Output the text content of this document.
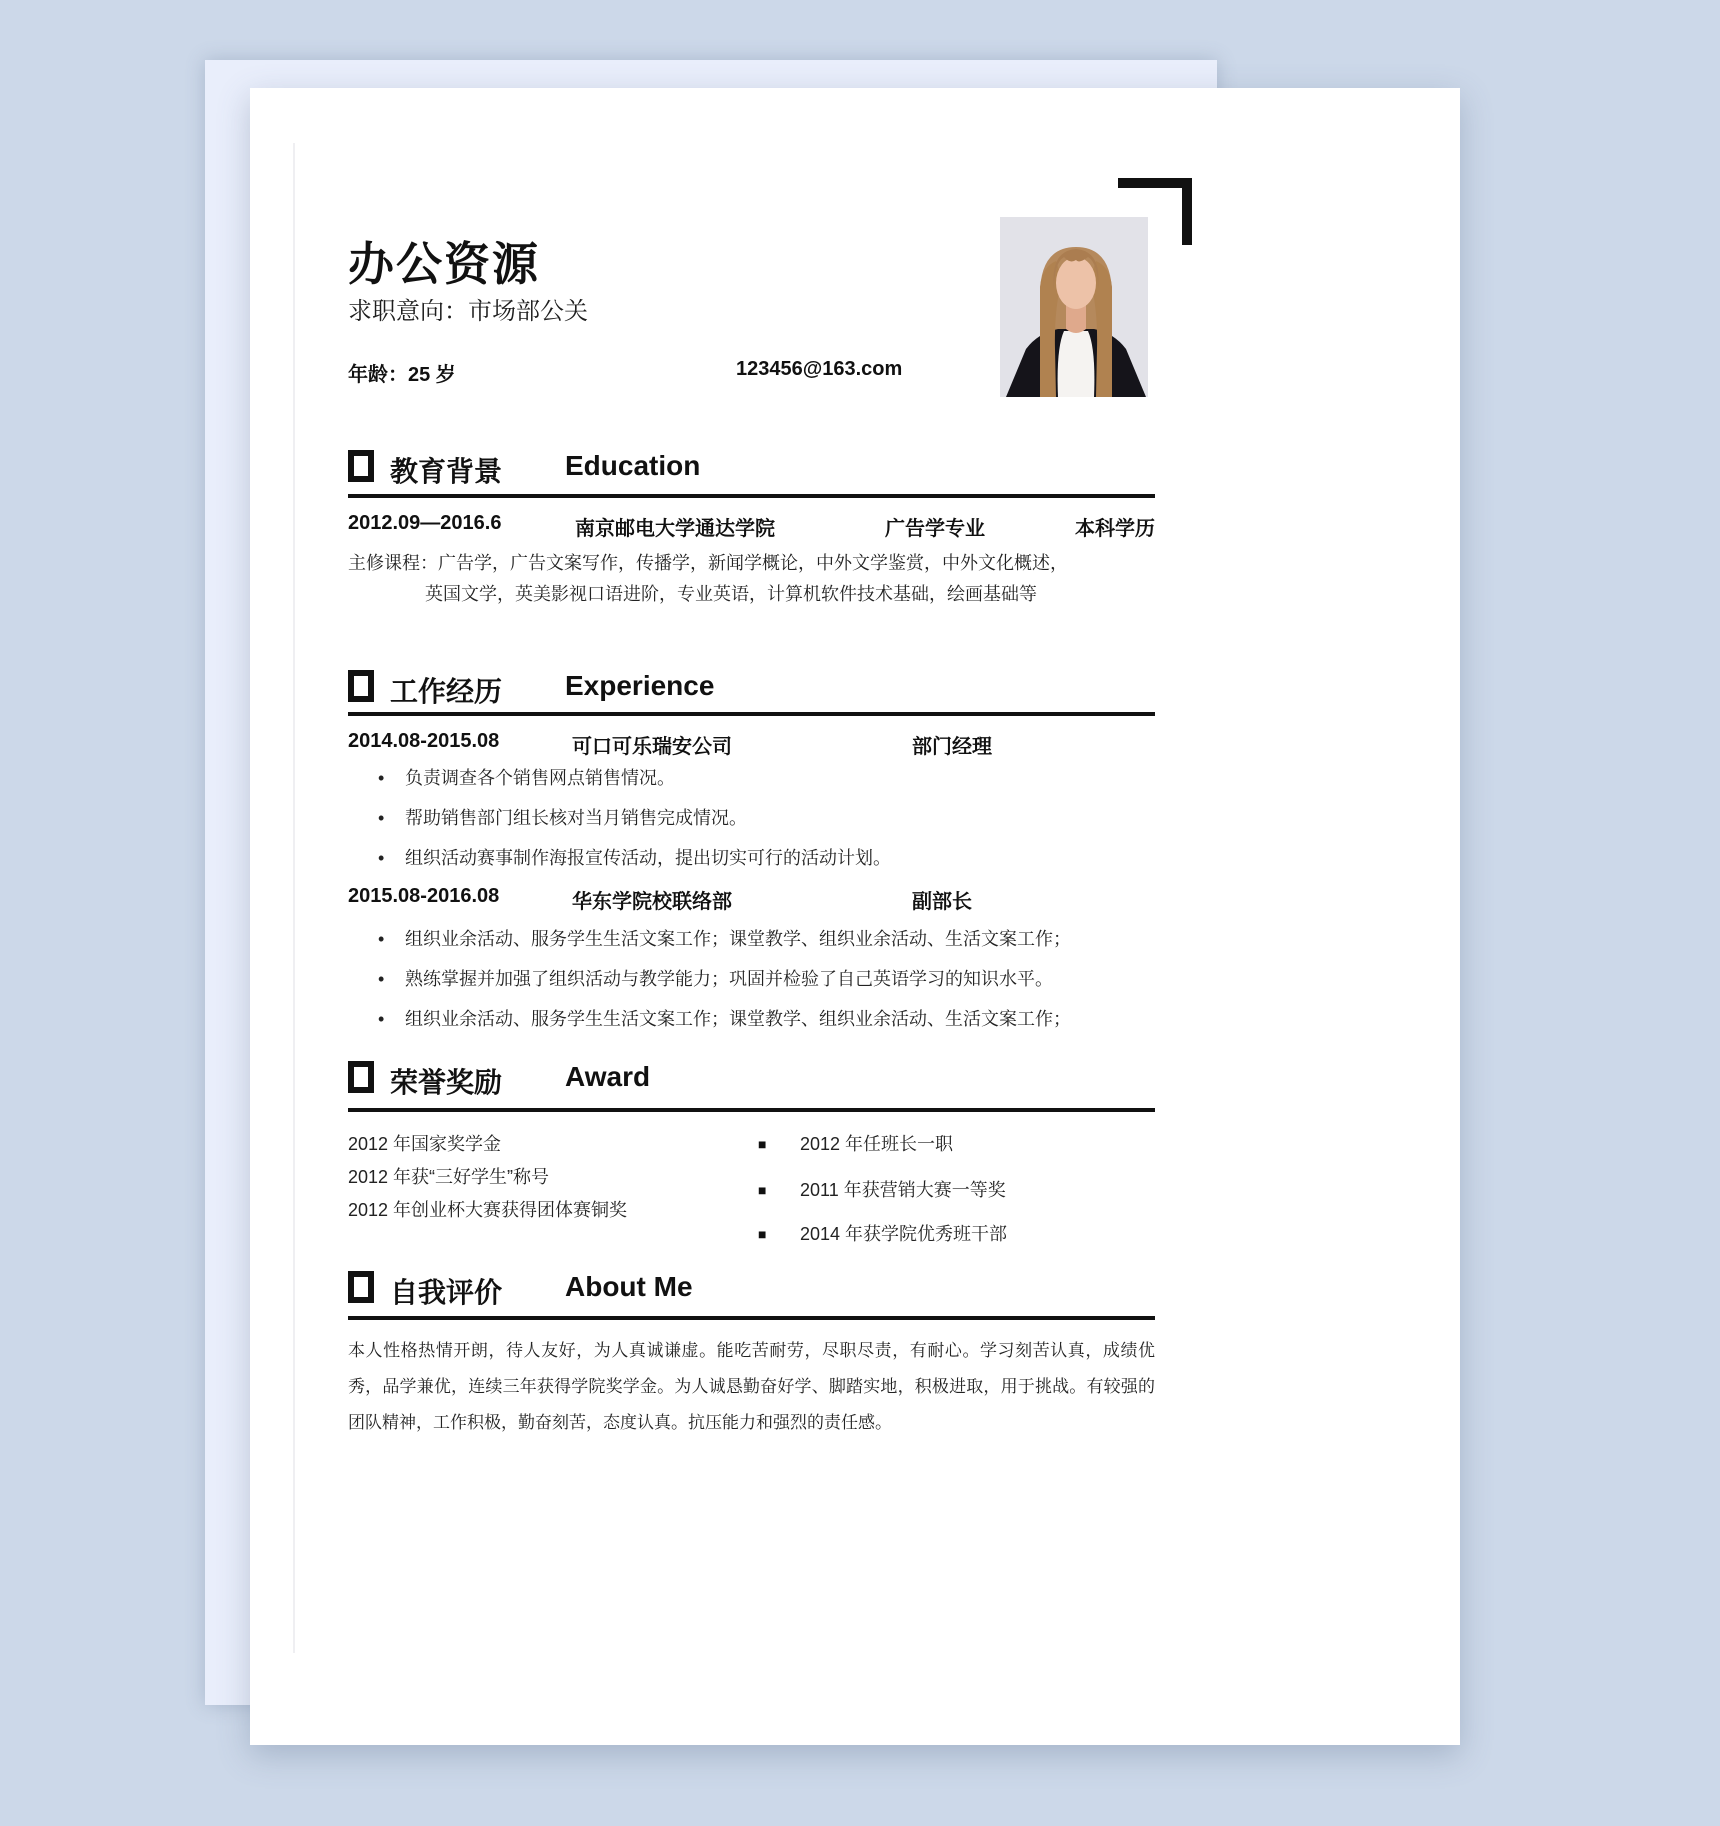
办公资源
求职意向：市场部公关
年龄：25 岁	123456@163.com
教育背景 Education
2012.09—2016.6	南京邮电大学通达学院	广告学专业	本科学历
主修课程：广告学，广告文案写作，传播学，新闻学概论，中外文学鉴赏，中外文化概述，
英国文学，英美影视口语进阶，专业英语，计算机软件技术基础，绘画基础等
工作经历 Experience
2014.08-2015.08	可口可乐瑞安公司	部门经理
• 负责调查各个销售网点销售情况。
• 帮助销售部门组长核对当月销售完成情况。
• 组织活动赛事制作海报宣传活动，提出切实可行的活动计划。
2015.08-2016.08	华东学院校联络部	副部长
• 组织业余活动、服务学生生活文案工作；课堂教学、组织业余活动、生活文案工作；
• 熟练掌握并加强了组织活动与教学能力；巩固并检验了自己英语学习的知识水平。
• 组织业余活动、服务学生生活文案工作；课堂教学、组织业余活动、生活文案工作；
荣誉奖励 Award
2012 年国家奖学金
2012 年获“三好学生”称号
2012 年创业杯大赛获得团体赛铜奖
■ 2012 年任班长一职
■ 2011 年获营销大赛一等奖
■ 2014 年获学院优秀班干部
自我评价 About Me
本人性格热情开朗，待人友好，为人真诚谦虚。能吃苦耐劳，尽职尽责，有耐心。学习刻苦认真，成绩优秀，品学兼优，连续三年获得学院奖学金。为人诚恳勤奋好学、脚踏实地，积极进取，用于挑战。有较强的团队精神，工作积极，勤奋刻苦，态度认真。抗压能力和强烈的责任感。
